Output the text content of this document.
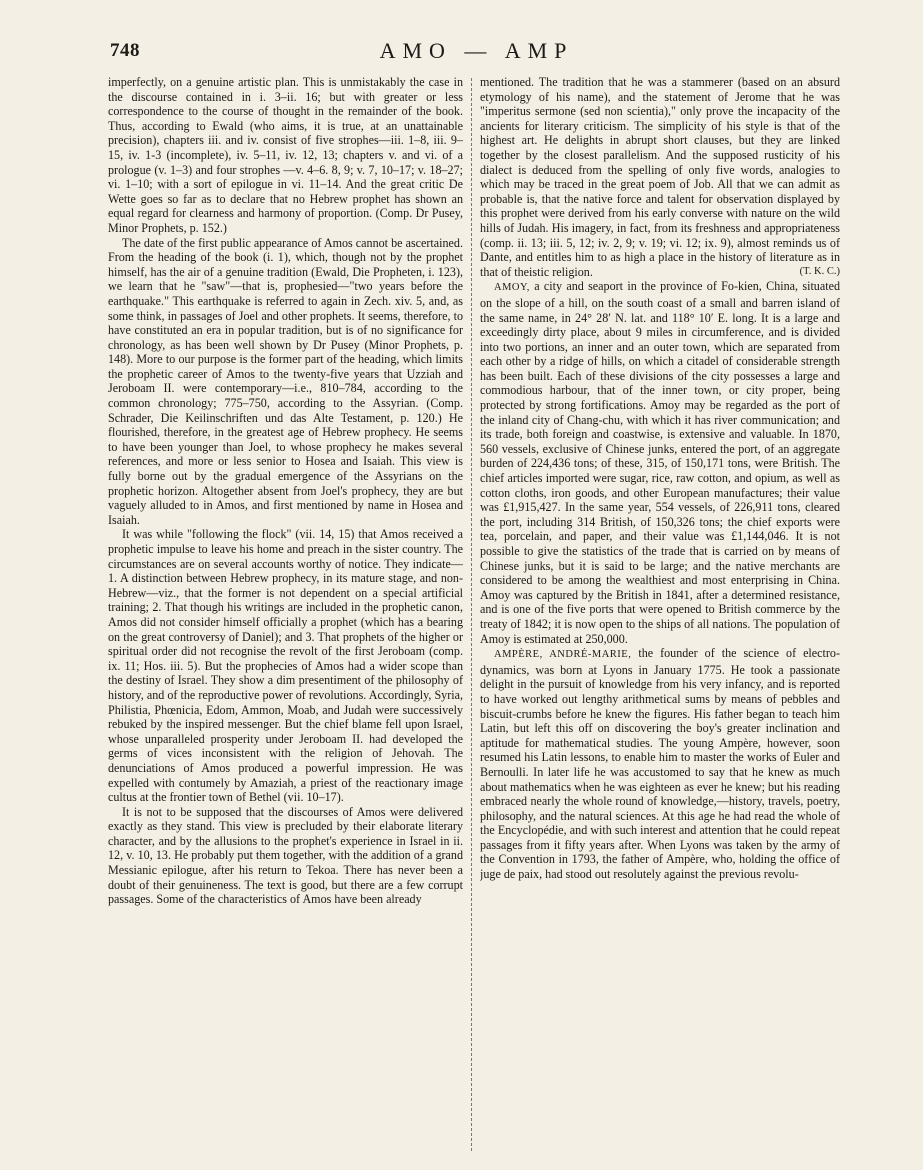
748	AMO — AMP

imperfectly, on a genuine artistic plan. This is unmistakably the case in the discourse contained in i. 3–ii. 16; but with greater or less correspondence to the course of thought in the remainder of the book. Thus, according to Ewald (who aims, it is true, at an unattainable precision), chapters iii. and iv. consist of five strophes—iii. 1–8, iii. 9–15, iv. 1-3 (incomplete), iv. 5–11, iv. 12, 13; chapters v. and vi. of a prologue (v. 1–3) and four strophes —v. 4–6. 8, 9; v. 7, 10–17; v. 18–27; vi. 1–10; with a sort of epilogue in vi. 11–14. And the great critic De Wette goes so far as to declare that no Hebrew prophet has shown an equal regard for clearness and harmony of proportion. (Comp. Dr Pusey, Minor Prophets, p. 152.)

The date of the first public appearance of Amos cannot be ascertained. From the heading of the book (i. 1), which, though not by the prophet himself, has the air of a genuine tradition (Ewald, Die Propheten, i. 123), we learn that he "saw"—that is, prophesied—"two years before the earthquake." This earthquake is referred to again in Zech. xiv. 5, and, as some think, in passages of Joel and other prophets. It seems, therefore, to have constituted an era in popular tradition, but is of no significance for chronology, as has been well shown by Dr Pusey (Minor Prophets, p. 148). More to our purpose is the former part of the heading, which limits the prophetic career of Amos to the twenty-five years that Uzziah and Jeroboam II. were contemporary—i.e., 810–784, according to the common chronology; 775–750, according to the Assyrian. (Comp. Schrader, Die Keilinschriften und das Alte Testament, p. 120.) He flourished, therefore, in the greatest age of Hebrew prophecy. He seems to have been younger than Joel, to whose prophecy he makes several references, and more or less senior to Hosea and Isaiah. This view is fully borne out by the gradual emergence of the Assyrians on the prophetic horizon. Altogether absent from Joel's prophecy, they are but vaguely alluded to in Amos, and first mentioned by name in Hosea and Isaiah.

It was while "following the flock" (vii. 14, 15) that Amos received a prophetic impulse to leave his home and preach in the sister country. The circumstances are on several accounts worthy of notice. They indicate—1. A distinction between Hebrew prophecy, in its mature stage, and non-Hebrew—viz., that the former is not dependent on a special artificial training; 2. That though his writings are included in the prophetic canon, Amos did not consider himself officially a prophet (which has a bearing on the great controversy of Daniel); and 3. That prophets of the higher or spiritual order did not recognise the revolt of the first Jeroboam (comp. ix. 11; Hos. iii. 5). But the prophecies of Amos had a wider scope than the destiny of Israel. They show a dim presentiment of the philosophy of history, and of the reproductive power of revolutions. Accordingly, Syria, Philistia, Phœnicia, Edom, Ammon, Moab, and Judah were successively rebuked by the inspired messenger. But the chief blame fell upon Israel, whose unparalleled prosperity under Jeroboam II. had developed the germs of vices inconsistent with the religion of Jehovah. The denunciations of Amos produced a powerful impression. He was expelled with contumely by Amaziah, a priest of the reactionary image cultus at the frontier town of Bethel (vii. 10–17).

It is not to be supposed that the discourses of Amos were delivered exactly as they stand. This view is precluded by their elaborate literary character, and by the allusions to the prophet's experience in Israel in ii. 12, v. 10, 13. He probably put them together, with the addition of a grand Messianic epilogue, after his return to Tekoa. There has never been a doubt of their genuineness. The text is good, but there are a few corrupt passages. Some of the characteristics of Amos have been already

mentioned. The tradition that he was a stammerer (based on an absurd etymology of his name), and the statement of Jerome that he was "imperitus sermone (sed non scientia)," only prove the incapacity of the ancients for literary criticism. The simplicity of his style is that of the highest art. He delights in abrupt short clauses, but they are linked together by the closest parallelism. And the supposed rusticity of his dialect is deduced from the spelling of only five words, analogies to which may be traced in the great poem of Job. All that we can admit as probable is, that the native force and talent for observation displayed by this prophet were derived from his early converse with nature on the wild hills of Judah. His imagery, in fact, from its freshness and appropriateness (comp. ii. 13; iii. 5, 12; iv. 2, 9; v. 19; vi. 12; ix. 9), almost reminds us of Dante, and entitles him to as high a place in the history of literature as in that of theistic religion.	(T. K. C.)

AMOY, a city and seaport in the province of Fo-kien, China, situated on the slope of a hill, on the south coast of a small and barren island of the same name, in 24° 28′ N. lat. and 118° 10′ E. long. It is a large and exceedingly dirty place, about 9 miles in circumference, and is divided into two portions, an inner and an outer town, which are separated from each other by a ridge of hills, on which a citadel of considerable strength has been built. Each of these divisions of the city possesses a large and commodious harbour, that of the inner town, or city proper, being protected by strong fortifications. Amoy may be regarded as the port of the inland city of Chang-chu, with which it has river communication; and its trade, both foreign and coastwise, is extensive and valuable. In 1870, 560 vessels, exclusive of Chinese junks, entered the port, of an aggregate burden of 224,436 tons; of these, 315, of 150,171 tons, were British. The chief articles imported were sugar, rice, raw cotton, and opium, as well as cotton cloths, iron goods, and other European manufactures; their value was £1,915,427. In the same year, 554 vessels, of 226,911 tons, cleared the port, including 314 British, of 150,326 tons; the chief exports were tea, porcelain, and paper, and their value was £1,144,046. It is not possible to give the statistics of the trade that is carried on by means of Chinese junks, but it is said to be large; and the native merchants are considered to be among the wealthiest and most enterprising in China. Amoy was captured by the British in 1841, after a determined resistance, and is one of the five ports that were opened to British commerce by the treaty of 1842; it is now open to the ships of all nations. The population of Amoy is estimated at 250,000.

AMPÈRE, ANDRÉ-MARIE, the founder of the science of electro-dynamics, was born at Lyons in January 1775. He took a passionate delight in the pursuit of knowledge from his very infancy, and is reported to have worked out lengthy arithmetical sums by means of pebbles and biscuit-crumbs before he knew the figures. His father began to teach him Latin, but left this off on discovering the boy's greater inclination and aptitude for mathematical studies. The young Ampère, however, soon resumed his Latin lessons, to enable him to master the works of Euler and Bernoulli. In later life he was accustomed to say that he knew as much about mathematics when he was eighteen as ever he knew; but his reading embraced nearly the whole round of knowledge,—history, travels, poetry, philosophy, and the natural sciences. At this age he had read the whole of the Encyclopédie, and with such interest and attention that he could repeat passages from it fifty years after. When Lyons was taken by the army of the Convention in 1793, the father of Ampère, who, holding the office of juge de paix, had stood out resolutely against the previous revolu-
